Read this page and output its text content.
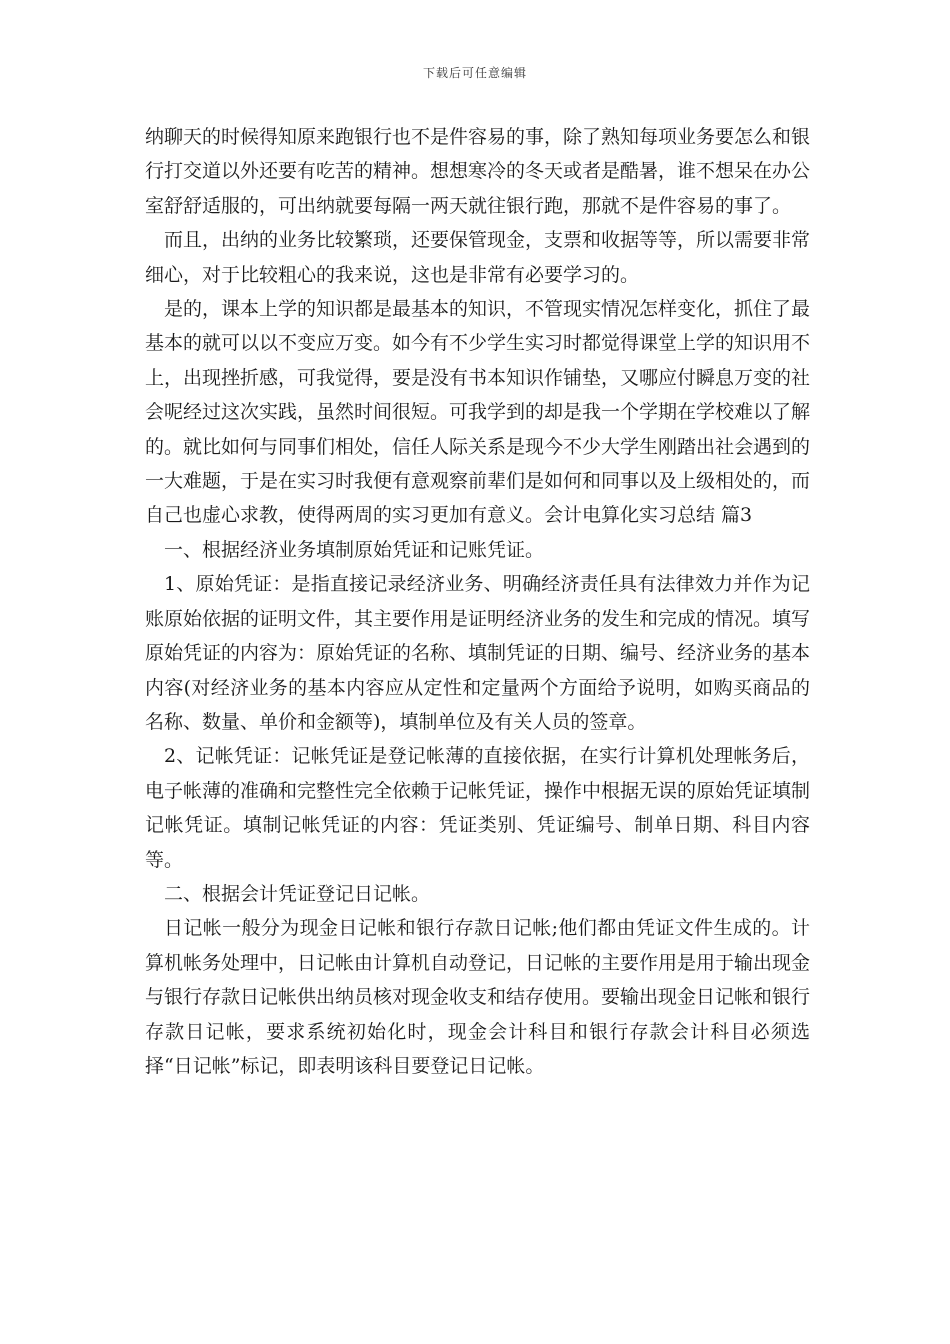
下载后可任意编辑

纳聊天的时候得知原来跑银行也不是件容易的事，除了熟知每项业务要怎么和银行打交道以外还要有吃苦的精神。想想寒冷的冬天或者是酷暑，谁不想呆在办公室舒舒适服的，可出纳就要每隔一两天就往银行跑，那就不是件容易的事了。

而且，出纳的业务比较繁琐，还要保管现金，支票和收据等等，所以需要非常细心，对于比较粗心的我来说，这也是非常有必要学习的。

是的，课本上学的知识都是最基本的知识，不管现实情况怎样变化，抓住了最基本的就可以以不变应万变。如今有不少学生实习时都觉得课堂上学的知识用不上，出现挫折感，可我觉得，要是没有书本知识作铺垫，又哪应付瞬息万变的社会呢经过这次实践，虽然时间很短。可我学到的却是我一个学期在学校难以了解的。就比如何与同事们相处，信任人际关系是现今不少大学生刚踏出社会遇到的一大难题，于是在实习时我便有意观察前辈们是如何和同事以及上级相处的，而自己也虚心求教，使得两周的实习更加有意义。会计电算化实习总结 篇3

一、根据经济业务填制原始凭证和记账凭证。

1、原始凭证：是指直接记录经济业务、明确经济责任具有法律效力并作为记账原始依据的证明文件，其主要作用是证明经济业务的发生和完成的情况。填写原始凭证的内容为：原始凭证的名称、填制凭证的日期、编号、经济业务的基本内容(对经济业务的基本内容应从定性和定量两个方面给予说明，如购买商品的名称、数量、单价和金额等)，填制单位及有关人员的签章。

2、记帐凭证：记帐凭证是登记帐薄的直接依据，在实行计算机处理帐务后，电子帐薄的准确和完整性完全依赖于记帐凭证，操作中根据无误的原始凭证填制记帐凭证。填制记帐凭证的内容：凭证类别、凭证编号、制单日期、科目内容等。

二、根据会计凭证登记日记帐。

日记帐一般分为现金日记帐和银行存款日记帐;他们都由凭证文件生成的。计算机帐务处理中，日记帐由计算机自动登记，日记帐的主要作用是用于输出现金与银行存款日记帐供出纳员核对现金收支和结存使用。要输出现金日记帐和银行存款日记帐，要求系统初始化时，现金会计科目和银行存款会计科目必须选择“日记帐”标记，即表明该科目要登记日记帐。
